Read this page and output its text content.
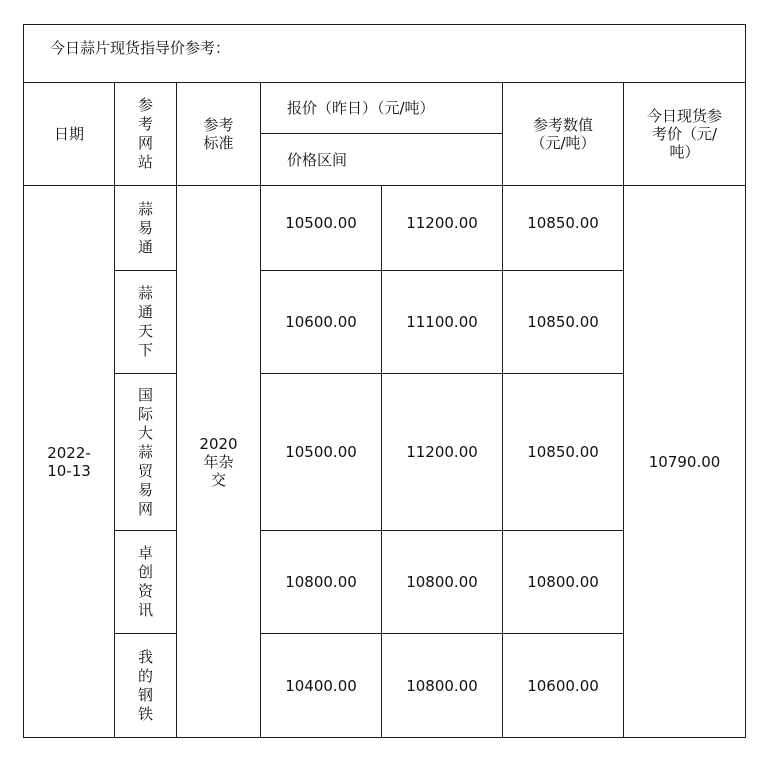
今日蒜片现货指导价参考：						
日期	参考网站	参考标准	报价（昨日）（元/吨）		参考数值（元/吨）	今日现货参考价（元/吨）
			价格区间			
2022-10-13	蒜易通	2020年杂交	10500.00	11200.00	10850.00	10790.00
	蒜通天下		10600.00	11100.00	10850.00	
	国际大蒜贸易网		10500.00	11200.00	10850.00	
	卓创资讯		10800.00	10800.00	10800.00	
	我的钢铁		10400.00	10800.00	10600.00	
